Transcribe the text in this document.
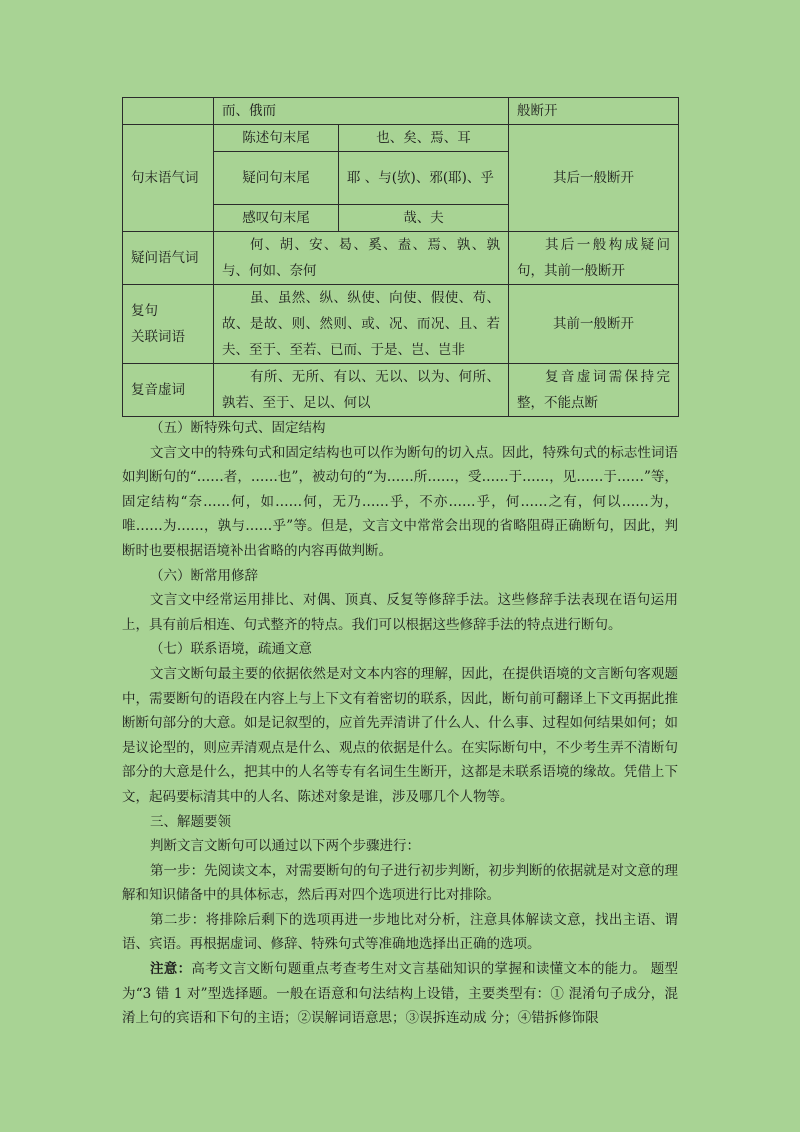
	而、俄而		般断开
句末语气词	陈述句末尾	也、矣、焉、耳	其后一般断开
	疑问句末尾	耶 、与(欤)、邪(耶)、乎	
	感叹句末尾	哉、夫	
疑问语气词	何、胡、安、曷、奚、盍、焉、孰、孰与、何如、奈何		其后一般构成疑问句，其前一般断开

复句
关联词语	虽、虽然、纵、纵使、向使、假使、苟、故、是故、则、然则、或、况、而况、且、若夫、至于、至若、已而、于是、岂、岂非		其前一般断开
复音虚词	有所、无所、有以、无以、以为、何所、孰若、至于、足以、何以		复音虚词需保持完整，不能点断

（五）断特殊句式、固定结构

文言文中的特殊句式和固定结构也可以作为断句的切入点。因此，特殊句式的标志性词语如判断句的“……者，……也”，被动句的“为……所……，受……于……，见……于……”等，固定结构“奈……何，如……何，无乃……乎，不亦……乎，何……之有，何以……为，唯……为……，孰与……乎”等。但是，文言文中常常会出现的省略阻碍正确断句，因此，判断时也要根据语境补出省略的内容再做判断。

（六）断常用修辞

文言文中经常运用排比、对偶、顶真、反复等修辞手法。这些修辞手法表现在语句运用上，具有前后相连、句式整齐的特点。我们可以根据这些修辞手法的特点进行断句。

（七）联系语境，疏通文意

文言文断句最主要的依据依然是对文本内容的理解，因此，在提供语境的文言断句客观题中，需要断句的语段在内容上与上下文有着密切的联系，因此，断句前可翻译上下文再据此推断断句部分的大意。如是记叙型的，应首先弄清讲了什么人、什么事、过程如何结果如何；如是议论型的，则应弄清观点是什么、观点的依据是什么。在实际断句中，不少考生弄不清断句部分的大意是什么，把其中的人名等专有名词生生断开，这都是未联系语境的缘故。凭借上下文，起码要标清其中的人名、陈述对象是谁，涉及哪几个人物等。

三、解题要领

判断文言文断句可以通过以下两个步骤进行：

第一步：先阅读文本，对需要断句的句子进行初步判断，初步判断的依据就是对文意的理解和知识储备中的具体标志，然后再对四个选项进行比对排除。

第二步：将排除后剩下的选项再进一步地比对分析，注意具体解读文意，找出主语、谓语、宾语。再根据虚词、修辞、特殊句式等准确地选择出正确的选项。

注意：高考文言文断句题重点考查考生对文言基础知识的掌握和读懂文本的能力。 题型为“3 错 1 对”型选择题。一般在语意和句法结构上设错，主要类型有：① 混淆句子成分，混淆上句的宾语和下句的主语；②误解词语意思；③误拆连动成 分；④错拆修饰限
